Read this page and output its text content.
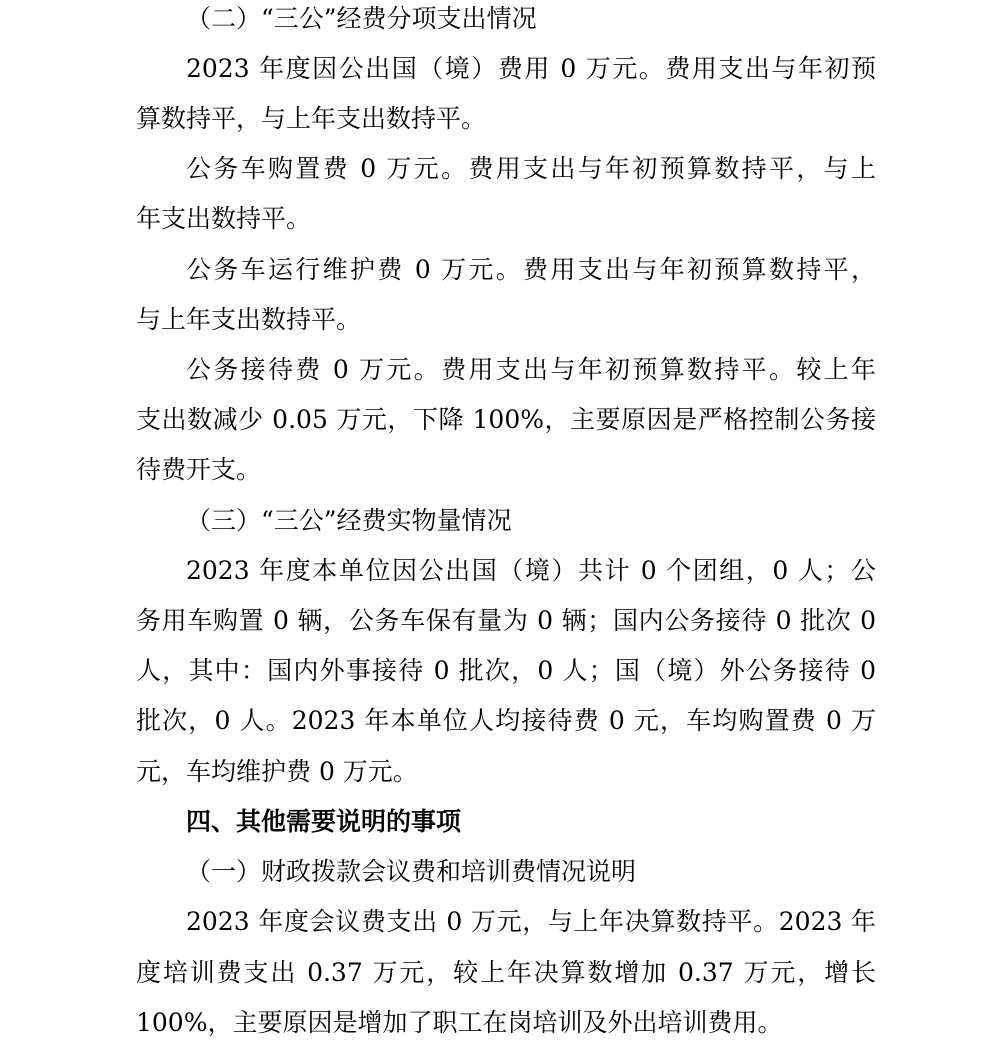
（二）“三公”经费分项支出情况
2023 年度因公出国（境）费用 0 万元。费用支出与年初预
算数持平，与上年支出数持平。
公务车购置费 0 万元。费用支出与年初预算数持平，与上
年支出数持平。
公务车运行维护费 0 万元。费用支出与年初预算数持平，
与上年支出数持平。
公务接待费 0 万元。费用支出与年初预算数持平。较上年
支出数减少 0.05 万元，下降 100%，主要原因是严格控制公务接
待费开支。
（三）“三公”经费实物量情况
2023 年度本单位因公出国（境）共计 0 个团组，0 人；公
务用车购置 0 辆，公务车保有量为 0 辆；国内公务接待 0 批次 0
人，其中：国内外事接待 0 批次，0 人；国（境）外公务接待 0
批次，0 人。2023 年本单位人均接待费 0 元，车均购置费 0 万
元，车均维护费 0 万元。
四、其他需要说明的事项
（一）财政拨款会议费和培训费情况说明
2023 年度会议费支出 0 万元，与上年决算数持平。2023 年
度培训费支出 0.37 万元，较上年决算数增加 0.37 万元，增长
100%，主要原因是增加了职工在岗培训及外出培训费用。
